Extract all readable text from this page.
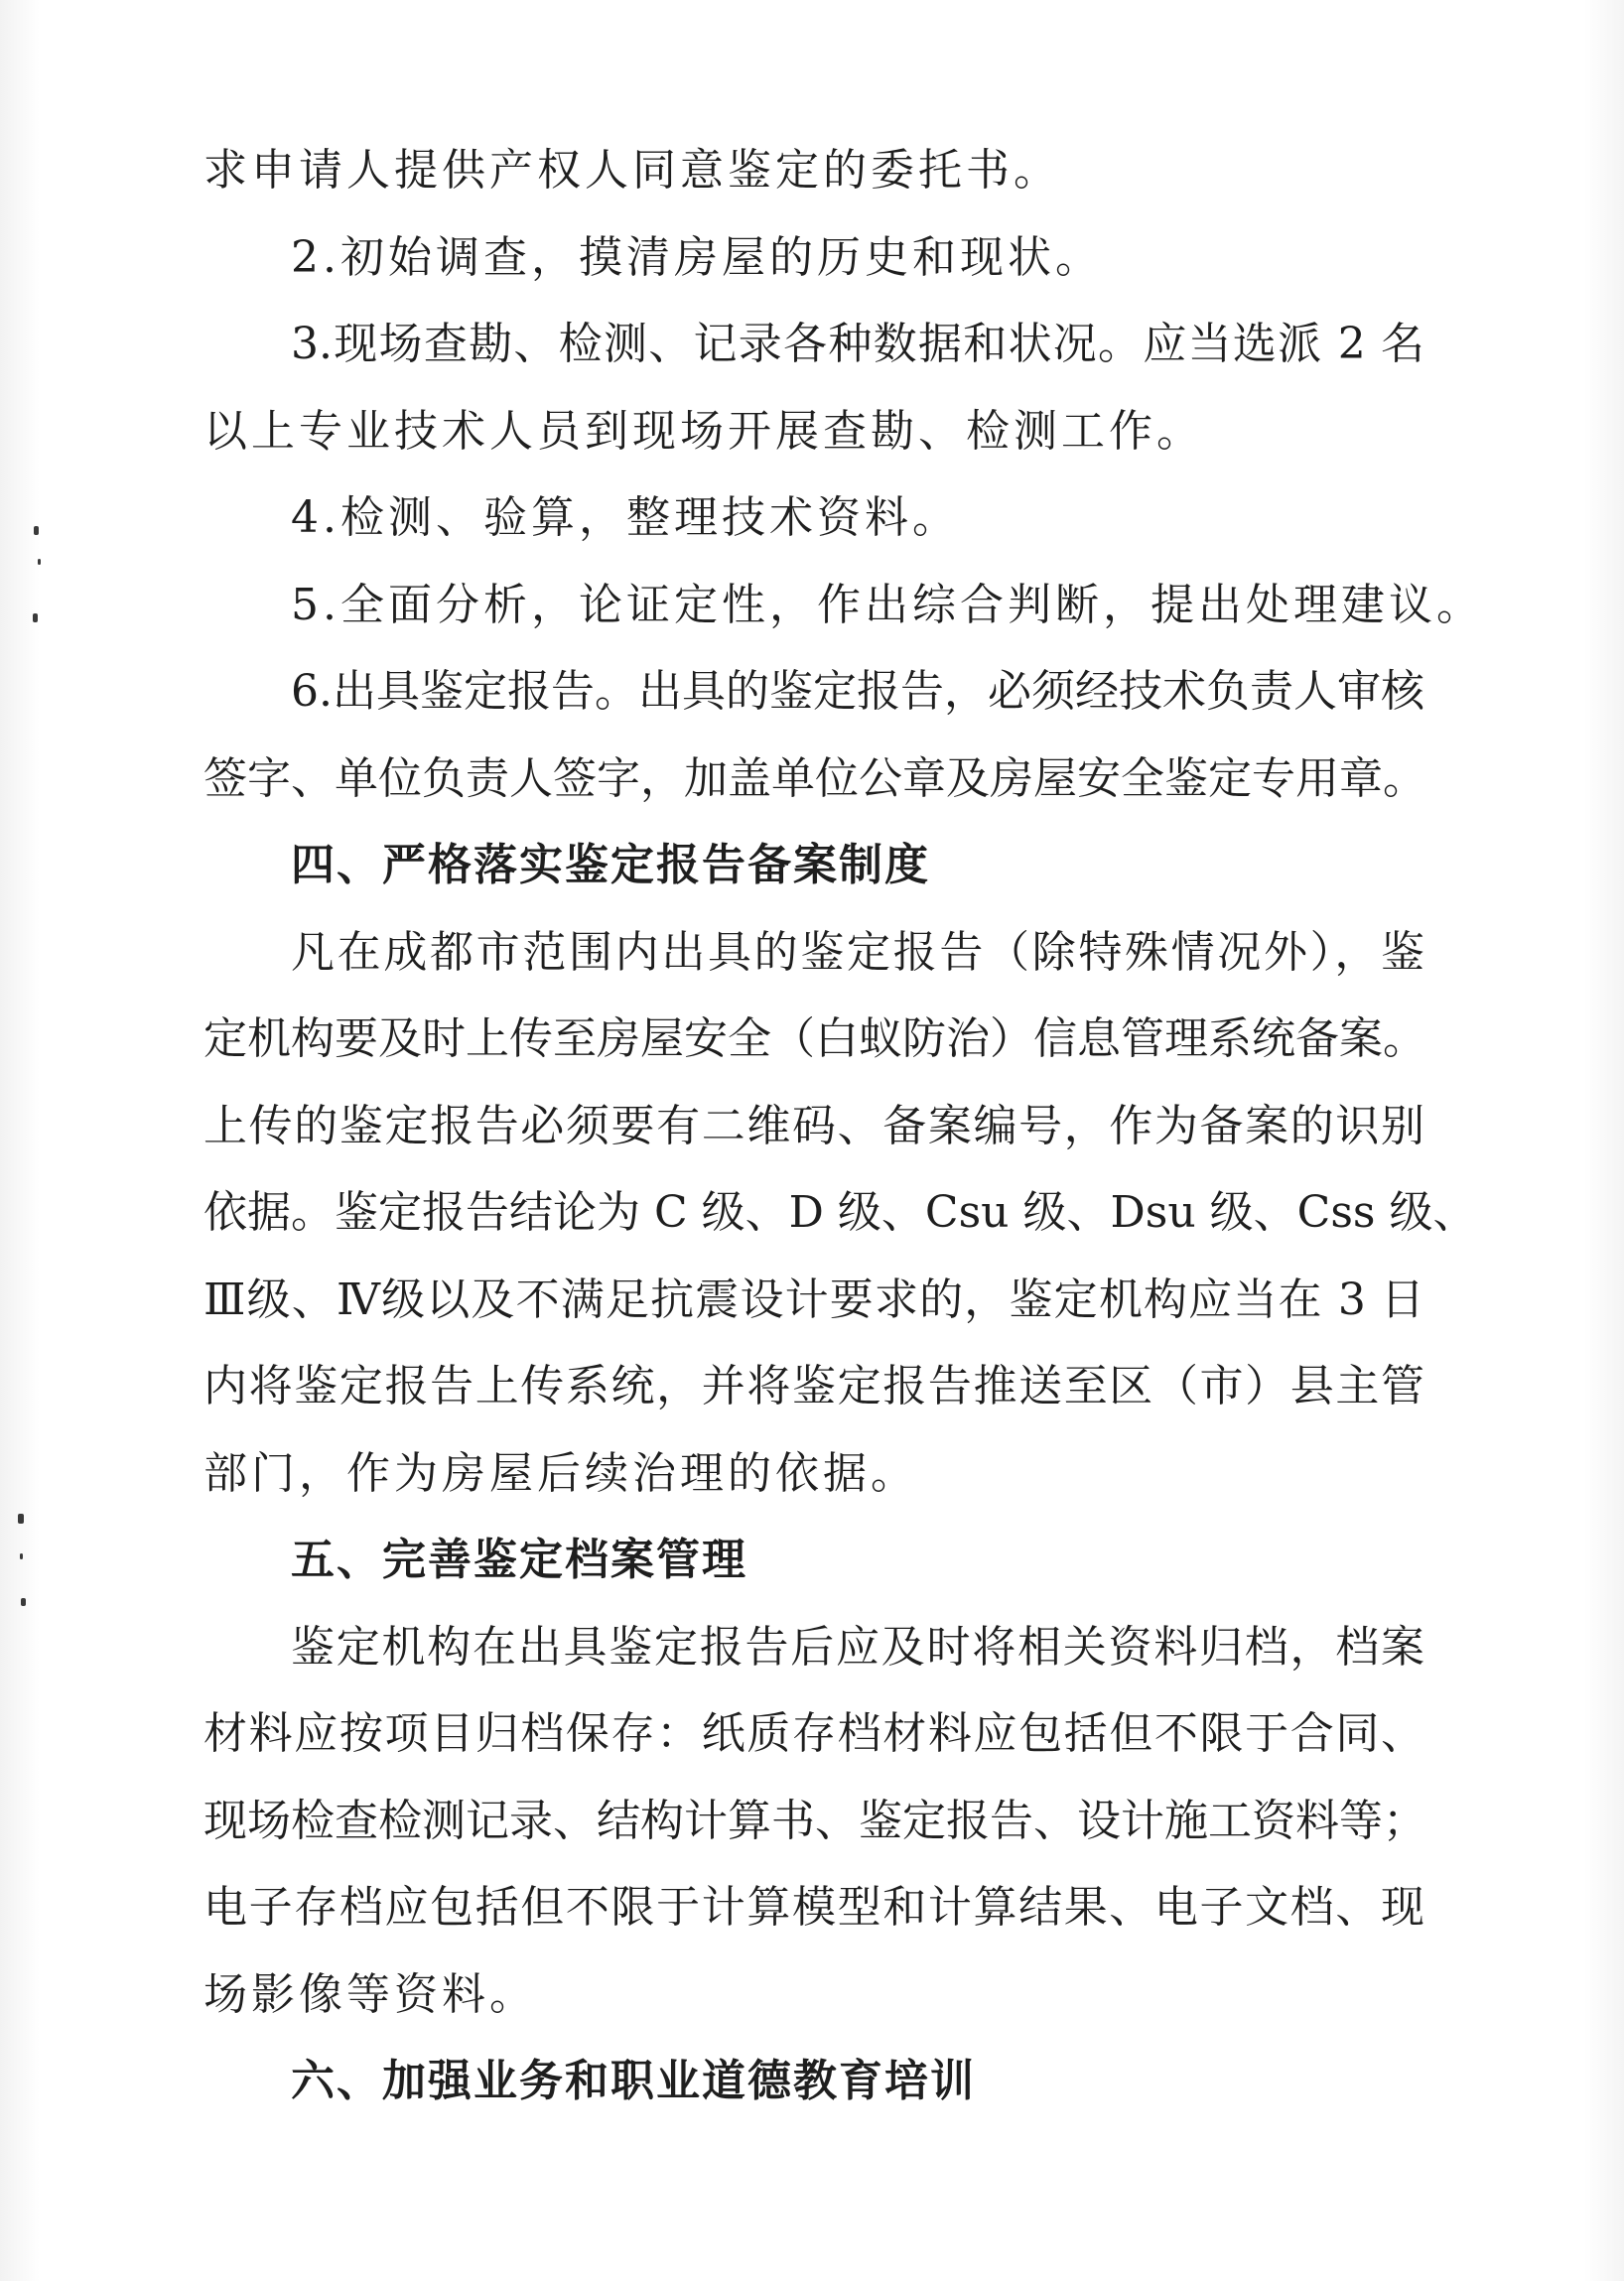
求申请人提供产权人同意鉴定的委托书。

2.初始调查，摸清房屋的历史和现状。

3.现场查勘、检测、记录各种数据和状况。应当选派 2 名

以上专业技术人员到现场开展查勘、检测工作。

4.检测、验算，整理技术资料。

5.全面分析，论证定性，作出综合判断，提出处理建议。

6.出具鉴定报告。出具的鉴定报告，必须经技术负责人审核

签字、单位负责人签字，加盖单位公章及房屋安全鉴定专用章。

四、严格落实鉴定报告备案制度

凡在成都市范围内出具的鉴定报告（除特殊情况外），鉴

定机构要及时上传至房屋安全（白蚁防治）信息管理系统备案。

上传的鉴定报告必须要有二维码、备案编号，作为备案的识别

依据。鉴定报告结论为 C 级、D 级、Csu 级、Dsu 级、Css 级、

Ⅲ级、Ⅳ级以及不满足抗震设计要求的，鉴定机构应当在 3 日

内将鉴定报告上传系统，并将鉴定报告推送至区（市）县主管

部门，作为房屋后续治理的依据。

五、完善鉴定档案管理

鉴定机构在出具鉴定报告后应及时将相关资料归档，档案

材料应按项目归档保存：纸质存档材料应包括但不限于合同、

现场检查检测记录、结构计算书、鉴定报告、设计施工资料等；

电子存档应包括但不限于计算模型和计算结果、电子文档、现

场影像等资料。

六、加强业务和职业道德教育培训
